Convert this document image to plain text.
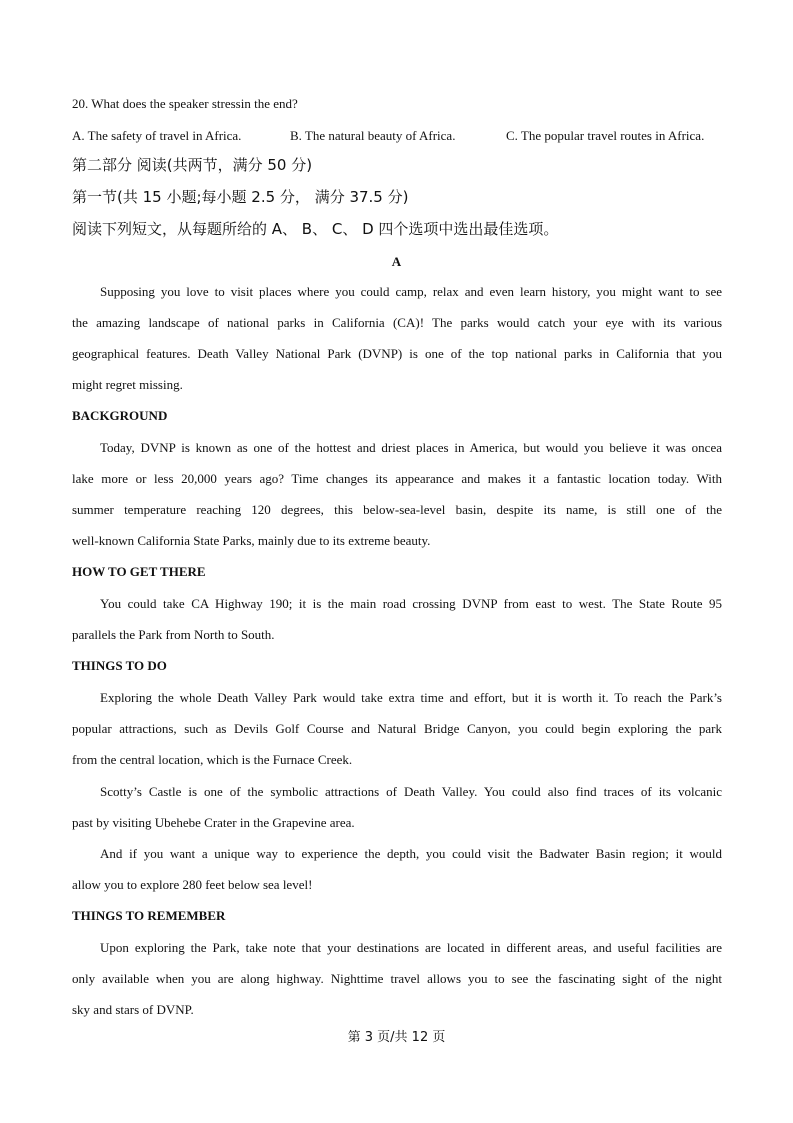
20. What does the speaker stressin the end?
A. The safety of travel in Africa.	B. The natural beauty of Africa.	C. The popular travel routes in Africa.
第二部分 阅读(共两节，满分 50 分)
第一节(共 15 小题;每小题 2.5 分， 满分 37.5 分)
阅读下列短文，从每题所给的 A、 B、 C、 D 四个选项中选出最佳选项。
A
Supposing you love to visit places where you could camp, relax and even learn history, you might want to see
the amazing landscape of national parks in California (CA)! The parks would catch your eye with its various
geographical features. Death Valley National Park (DVNP) is one of the top national parks in California that you
might regret missing.
BACKGROUND
Today, DVNP is known as one of the hottest and driest places in America, but would you believe it was oncea
lake more or less 20,000 years ago? Time changes its appearance and makes it a fantastic location today. With
summer temperature reaching 120 degrees, this below-sea-level basin, despite its name, is still one of the
well-known California State Parks, mainly due to its extreme beauty.
HOW TO GET THERE
You could take CA Highway 190; it is the main road crossing DVNP from east to west. The State Route 95
parallels the Park from North to South.
THINGS TO DO
Exploring the whole Death Valley Park would take extra time and effort, but it is worth it. To reach the Park’s
popular attractions, such as Devils Golf Course and Natural Bridge Canyon, you could begin exploring the park
from the central location, which is the Furnace Creek.
Scotty’s Castle is one of the symbolic attractions of Death Valley. You could also find traces of its volcanic
past by visiting Ubehebe Crater in the Grapevine area.
And if you want a unique way to experience the depth, you could visit the Badwater Basin region; it would
allow you to explore 280 feet below sea level!
THINGS TO REMEMBER
Upon exploring the Park, take note that your destinations are located in different areas, and useful facilities are
only available when you are along highway. Nighttime travel allows you to see the fascinating sight of the night
sky and stars of DVNP.
第 3 页/共 12 页
